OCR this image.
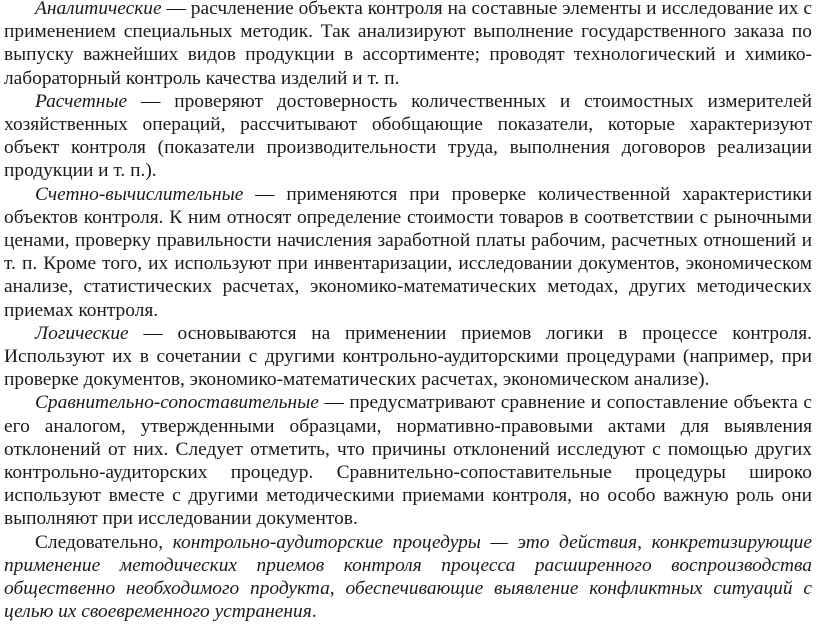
Аналитические — расчленение объекта контроля на составные элементы и исследование их с применением специальных методик. Так анализируют выполнение государственного заказа по выпуску важнейших видов продукции в ассортименте; проводят технологический и химико-лабораторный контроль качества изделий и т. п.

Расчетные — проверяют достоверность количественных и стоимостных измерителей хозяйственных операций, рассчитывают обобщающие показатели, которые характеризуют объект контроля (показатели производительности труда, выполнения договоров реализации продукции и т. п.).

Счетно-вычислительные — применяются при проверке количественной характеристики объектов контроля. К ним относят определение стоимости товаров в соответствии с рыночными ценами, проверку правильности начисления заработной платы рабочим, расчетных отношений и т. п. Кроме того, их используют при инвентаризации, исследовании документов, экономическом анализе, статистических расчетах, экономико-математических методах, других методических приемах контроля.

Логические — основываются на применении приемов логики в процессе контроля. Используют их в сочетании с другими контрольно-аудиторскими процедурами (например, при проверке документов, экономико-математических расчетах, экономическом анализе).

Сравнительно-сопоставительные — предусматривают сравнение и сопоставление объекта с его аналогом, утвержденными образцами, нормативно-правовыми актами для выявления отклонений от них. Следует отметить, что причины отклонений исследуют с помощью других контрольно-аудиторских процедур. Сравнительно-сопоставительные процедуры широко используют вместе с другими методическими приемами контроля, но особо важную роль они выполняют при исследовании документов.

Следовательно, контрольно-аудиторские процедуры — это действия, конкретизирующие применение методических приемов контроля процесса расширенного воспроизводства общественно необходимого продукта, обеспечивающие выявление конфликтных ситуаций с целью их своевременного устранения.
